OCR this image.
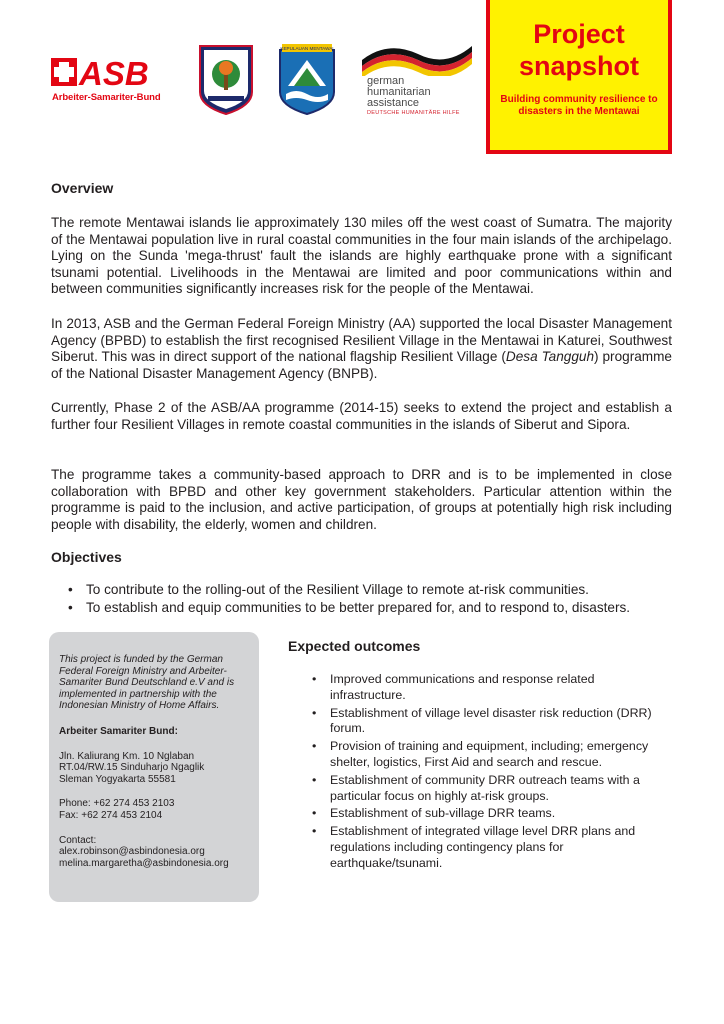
ASB
Arbeiter-Samariter-Bund
KEPULAUAN MENTAWAI
german
humanitarian assistance
DEUTSCHE HUMANITÄRE HILFE
Project snapshot
Building community resilience to disasters in the Mentawai
Overview

The remote Mentawai islands lie approximately 130 miles off the west coast of Sumatra. The majority of the Mentawai population live in rural coastal communities in the four main islands of the archipelago. Lying on the Sunda 'mega-thrust' fault the islands are highly earthquake prone with a significant tsunami potential. Livelihoods in the Mentawai are limited and poor communications within and between communities significantly increases risk for the people of the Mentawai.

In 2013, ASB and the German Federal Foreign Ministry (AA) supported the local Disaster Management Agency (BPBD) to establish the first recognised Resilient Village in the Mentawai in Katurei, Southwest Siberut. This was in direct support of the national flagship Resilient Village (Desa Tangguh) programme of the National Disaster Management Agency (BNPB).

Currently, Phase 2 of the ASB/AA programme (2014-15) seeks to extend the project and establish a further four Resilient Villages in remote coastal communities in the islands of Siberut and Sipora.

The programme takes a community-based approach to DRR and is to be implemented in close collaboration with BPBD and other key government stakeholders. Particular attention within the programme is paid to the inclusion, and active participation, of groups at potentially high risk including people with disability, the elderly, women and children.

Objectives
• To contribute to the rolling-out of the Resilient Village to remote at-risk communities.
• To establish and equip communities to be better prepared for, and to respond to, disasters.

This project is funded by the German Federal Foreign Ministry and Arbeiter-Samariter Bund Deutschland e.V and is implemented in partnership with the Indonesian Ministry of Home Affairs.

Arbeiter Samariter Bund:

Jln. Kaliurang Km. 10 Nglaban

RT.04/RW.15 Sinduharjo Ngaglik

Sleman Yogyakarta 55581

Phone: +62 274 453 2103

Fax: +62 274 453 2104

Contact:

alex.robinson@asbindonesia.org

melina.margaretha@asbindonesia.org

Expected outcomes
• Improved communications and response related infrastructure.
• Establishment of village level disaster risk reduction (DRR) forum.
• Provision of training and equipment, including; emergency shelter, logistics, First Aid and search and rescue.
• Establishment of community DRR outreach teams with a particular focus on highly at-risk groups.
• Establishment of sub-village DRR teams.
• Establishment of integrated village level DRR plans and regulations including contingency plans for earthquake/tsunami.
